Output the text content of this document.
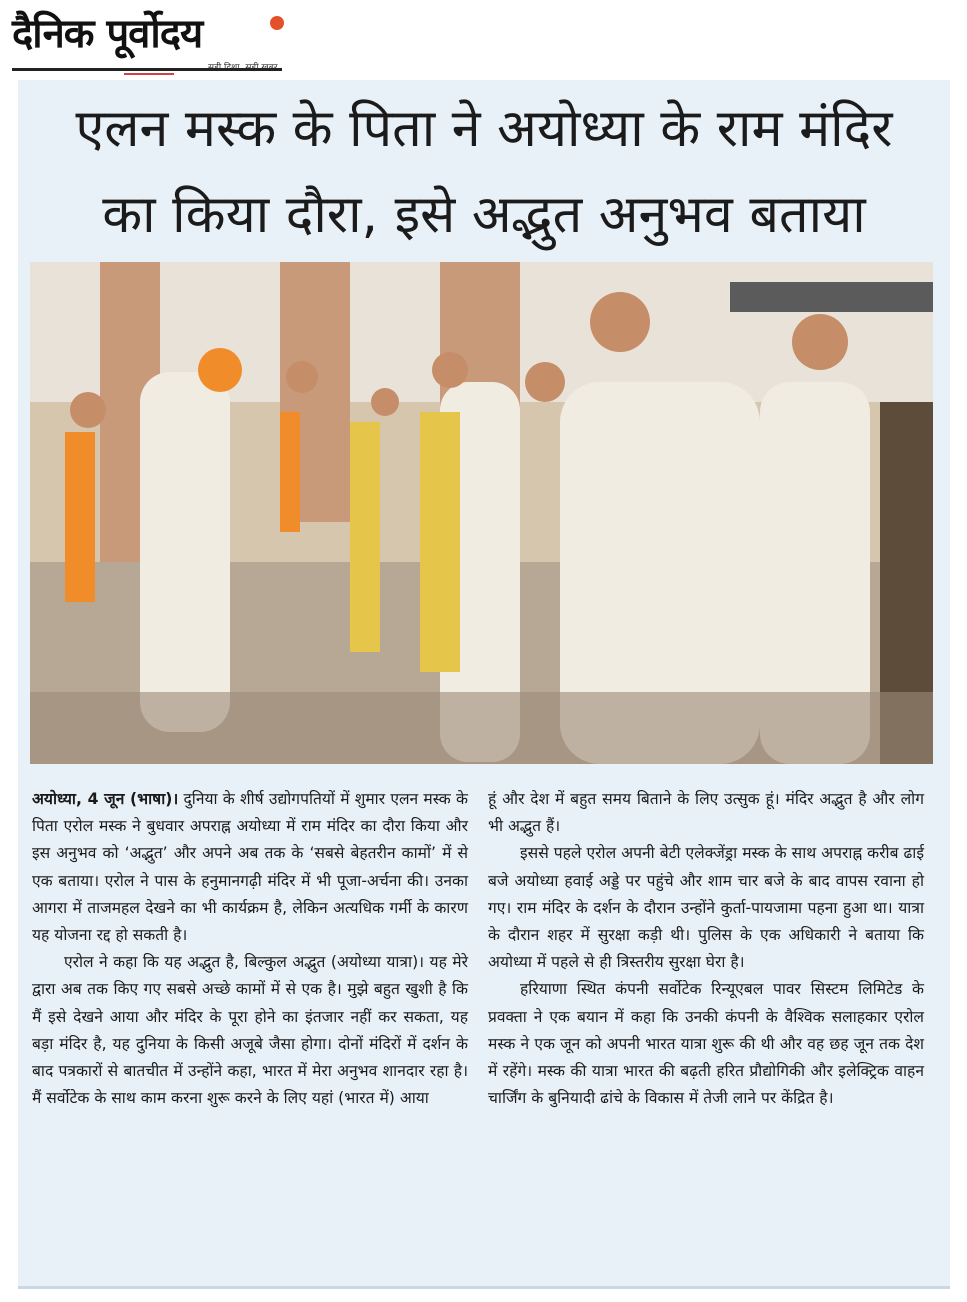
दैनिक पूर्वोदय
एलन मस्क के पिता ने अयोध्या के राम मंदिर
का किया दौरा, इसे अद्भुत अनुभव बताया

अयोध्या, 4 जून (भाषा)। दुनिया के शीर्ष उद्योगपतियों में शुमार एलन मस्क के पिता एरोल मस्क ने बुधवार अपराह्न अयोध्या में राम मंदिर का दौरा किया और इस अनुभव को ‘अद्भुत’ और अपने अब तक के ‘सबसे बेहतरीन कामों’ में से एक बताया। एरोल ने पास के हनुमानगढ़ी मंदिर में भी पूजा-अर्चना की। उनका आगरा में ताजमहल देखने का भी कार्यक्रम है, लेकिन अत्यधिक गर्मी के कारण यह योजना रद्द हो सकती है।

एरोल ने कहा कि यह अद्भुत है, बिल्कुल अद्भुत (अयोध्या यात्रा)। यह मेरे द्वारा अब तक किए गए सबसे अच्छे कामों में से एक है। मुझे बहुत खुशी है कि मैं इसे देखने आया और मंदिर के पूरा होने का इंतजार नहीं कर सकता, यह बड़ा मंदिर है, यह दुनिया के किसी अजूबे जैसा होगा। दोनों मंदिरों में दर्शन के बाद पत्रकारों से बातचीत में उन्होंने कहा, भारत में मेरा अनुभव शानदार रहा है। मैं सर्वोटेक के साथ काम करना शुरू करने के लिए यहां (भारत में) आया

हूं और देश में बहुत समय बिताने के लिए उत्सुक हूं। मंदिर अद्भुत है और लोग भी अद्भुत हैं।

इससे पहले एरोल अपनी बेटी एलेक्जेंड्रा मस्क के साथ अपराह्न करीब ढाई बजे अयोध्या हवाई अड्डे पर पहुंचे और शाम चार बजे के बाद वापस रवाना हो गए। राम मंदिर के दर्शन के दौरान उन्होंने कुर्ता-पायजामा पहना हुआ था। यात्रा के दौरान शहर में सुरक्षा कड़ी थी। पुलिस के एक अधिकारी ने बताया कि अयोध्या में पहले से ही त्रिस्तरीय सुरक्षा घेरा है।

हरियाणा स्थित कंपनी सर्वोटेक रिन्यूएबल पावर सिस्टम लिमिटेड के प्रवक्ता ने एक बयान में कहा कि उनकी कंपनी के वैश्विक सलाहकार एरोल मस्क ने एक जून को अपनी भारत यात्रा शुरू की थी और वह छह जून तक देश में रहेंगे। मस्क की यात्रा भारत की बढ़ती हरित प्रौद्योगिकी और इलेक्ट्रिक वाहन चार्जिंग के बुनियादी ढांचे के विकास में तेजी लाने पर केंद्रित है।
